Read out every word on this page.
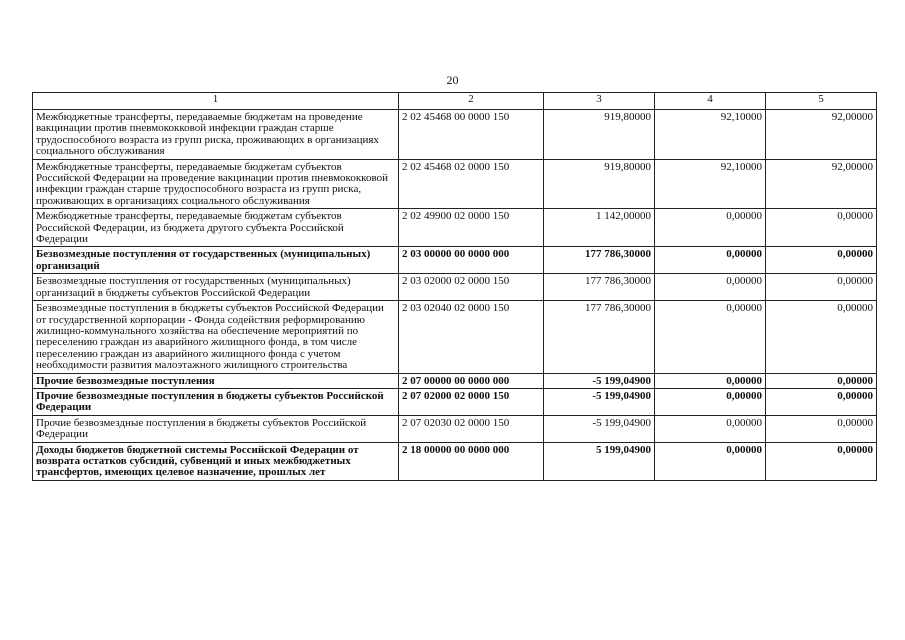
20
1	2	3	4	5
Межбюджетные трансферты, передаваемые бюджетам на проведение вакцинации против пневмококковой инфекции граждан старше трудоспособного возраста из групп риска, проживающих в организациях социального обслуживания	2 02 45468 00 0000 150	919,80000	92,10000	92,00000
Межбюджетные трансферты, передаваемые бюджетам субъектов Российской Федерации на проведение вакцинации против пневмококковой инфекции граждан старше трудоспособного возраста из групп риска, проживающих в организациях социального обслуживания	2 02 45468 02 0000 150	919,80000	92,10000	92,00000
Межбюджетные трансферты, передаваемые бюджетам субъектов Российской Федерации, из бюджета другого субъекта Российской Федерации	2 02 49900 02 0000 150	1 142,00000	0,00000	0,00000
Безвозмездные поступления от государственных (муниципальных) организаций	2 03 00000 00 0000 000	177 786,30000	0,00000	0,00000
Безвозмездные поступления от государственных (муниципальных) организаций в бюджеты субъектов Российской Федерации	2 03 02000 02 0000 150	177 786,30000	0,00000	0,00000
Безвозмездные поступления в бюджеты субъектов Российской Федерации от государственной корпорации - Фонда содействия реформированию жилищно-коммунального хозяйства на обеспечение мероприятий по переселению граждан из аварийного жилищного фонда, в том числе переселению граждан из аварийного жилищного фонда с учетом необходимости развития малоэтажного жилищного строительства	2 03 02040 02 0000 150	177 786,30000	0,00000	0,00000
Прочие безвозмездные поступления	2 07 00000 00 0000 000	-5 199,04900	0,00000	0,00000
Прочие безвозмездные поступления в бюджеты субъектов Российской Федерации	2 07 02000 02 0000 150	-5 199,04900	0,00000	0,00000
Прочие безвозмездные поступления в бюджеты субъектов Российской Федерации	2 07 02030 02 0000 150	-5 199,04900	0,00000	0,00000
Доходы бюджетов бюджетной системы Российской Федерации от возврата остатков субсидий, субвенций и иных межбюджетных трансфертов, имеющих целевое назначение, прошлых лет	2 18 00000 00 0000 000	5 199,04900	0,00000	0,00000
